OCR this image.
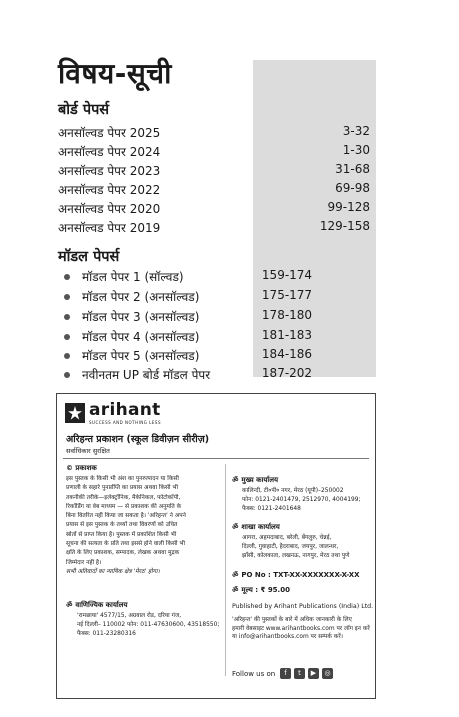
विषय-सूची
बोर्ड पेपर्स
अनसॉल्वड पेपर 2025	3-32
अनसॉल्वड पेपर 2024	1-30
अनसॉल्वड पेपर 2023	31-68
अनसॉल्वड पेपर 2022	69-98
अनसॉल्वड पेपर 2020	99-128
अनसॉल्वड पेपर 2019	129-158
मॉडल पेपर्स
मॉडल पेपर 1 (सॉल्वड)	159-174
मॉडल पेपर 2 (अनसॉल्वड)	175-177
मॉडल पेपर 3 (अनसॉल्वड)	178-180
मॉडल पेपर 4 (अनसॉल्वड)	181-183
मॉडल पेपर 5 (अनसॉल्वड)	184-186
नवीनतम UP बोर्ड मॉडल पेपर	187-202
arihant
SUCCESS AND NOTHING LESS
अरिहन्त प्रकाशन (स्कूल डिवीज़न सीरीज़)
सर्वाधिकार सुरक्षित
© प्रकाशक

इस पुस्तक के किसी भी अंश का पुनरुत्पादन या किसी

प्रणाली के सहारे पुनर्प्राप्ति का प्रयास अथवा किसी भी

तकनीकी तरीके—इलेक्ट्रॉनिक, मैकेनिकल, फोटोकॉपी,

रिकॉर्डिंग या वेब माध्यम — से प्रकाशक की अनुमति के

बिना वितरित नहीं किया जा सकता है। 'अरिहन्त' ने अपने

प्रयास से इस पुस्तक के तथ्यों तथा विवरणों को उचित

स्रोतों से प्राप्त किया है। पुस्तक में प्रकाशित किसी भी

सूचना की सत्यता के प्रति तथा इससे होने वाली किसी भी

क्षति के लिए प्रकाशक, सम्पादक, लेखक अथवा मुद्रक

जिम्मेदार नहीं है।

सभी अतिवादों का न्यायिक क्षेत्र 'मेरठ' होगा।
ॐ वाणिज्यिक कार्यालय

'रामछाया' 4577/15, अग्रवाल रोड, दरिया गंज,

नई दिल्ली– 110002 फोन: 011-47630600, 43518550;

फैक्स: 011-23280316

ॐ मुख्य कार्यालय

कालिन्दी, टी०पी० नगर, मेरठ (यूपी)–250002

फोन: 0121-2401479, 2512970, 4004199;

फैक्स: 0121-2401648

ॐ शाखा कार्यालय

आगरा, अहमदाबाद, बरेली, बेंगलुरु, चेन्नई,

दिल्ली, गुवाहाटी, हैदराबाद, जयपुर, जालन्धर,

झाँसी, कोलकाता, लखनऊ, नागपुर, मेरठ तथा पुणे

ॐ PO No : TXT-XX-XXXXXXX-X-XX
ॐ मूल्य : ₹ 95.00
Published by Arihant Publications (India) Ltd.

'अरिहन्त' की पुस्तकों के बारे में अधिक जानकारी के लिए

हमारी वेबसाइट www.arihantbooks.com पर लॉग इन करें

या info@arihantbooks.com पर सम्पर्क करें।

Follow us on	f	t	▶	◎
